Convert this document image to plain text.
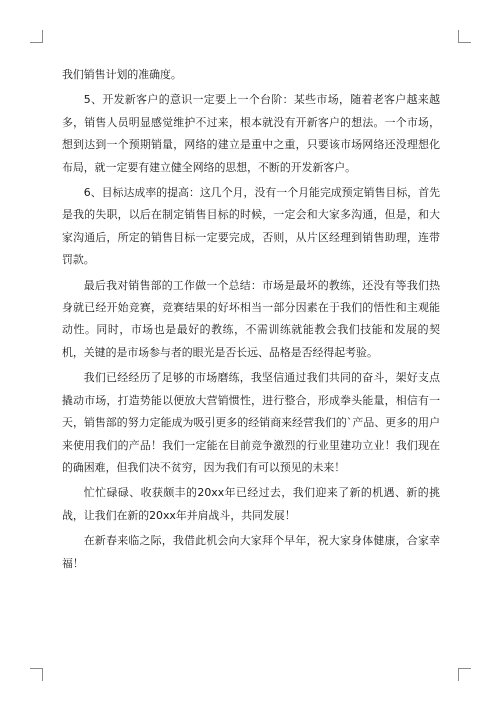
我们销售计划的准确度。

5、开发新客户的意识一定要上一个台阶：某些市场，随着老客户越来越多，销售人员明显感觉维护不过来，根本就没有开新客户的想法。一个市场，想到达到一个预期销量，网络的建立是重中之重，只要该市场网络还没理想化布局，就一定要有建立健全网络的思想，不断的开发新客户。

6、目标达成率的提高：这几个月，没有一个月能完成预定销售目标，首先是我的失职，以后在制定销售目标的时候，一定会和大家多沟通，但是，和大家沟通后，所定的销售目标一定要完成，否则，从片区经理到销售助理，连带罚款。

最后我对销售部的工作做一个总结：市场是最坏的教练，还没有等我们热身就已经开始竞赛，竞赛结果的好坏相当一部分因素在于我们的悟性和主观能动性。同时，市场也是最好的教练，不需训练就能教会我们技能和发展的契机，关键的是市场参与者的眼光是否长远、品格是否经得起考验。

我们已经经历了足够的市场磨练，我坚信通过我们共同的奋斗，架好支点撬动市场，打造势能以便放大营销惯性，进行整合，形成拳头能量，相信有一天，销售部的努力定能成为吸引更多的经销商来经营我们的`产品、更多的用户来使用我们的产品！我们一定能在目前竞争激烈的行业里建功立业！我们现在的确困难，但我们决不贫穷，因为我们有可以预见的未来！

忙忙碌碌、收获颇丰的20xx年已经过去，我们迎来了新的机遇、新的挑战，让我们在新的20xx年并肩战斗，共同发展！

在新春来临之际，我借此机会向大家拜个早年，祝大家身体健康，合家幸福！
